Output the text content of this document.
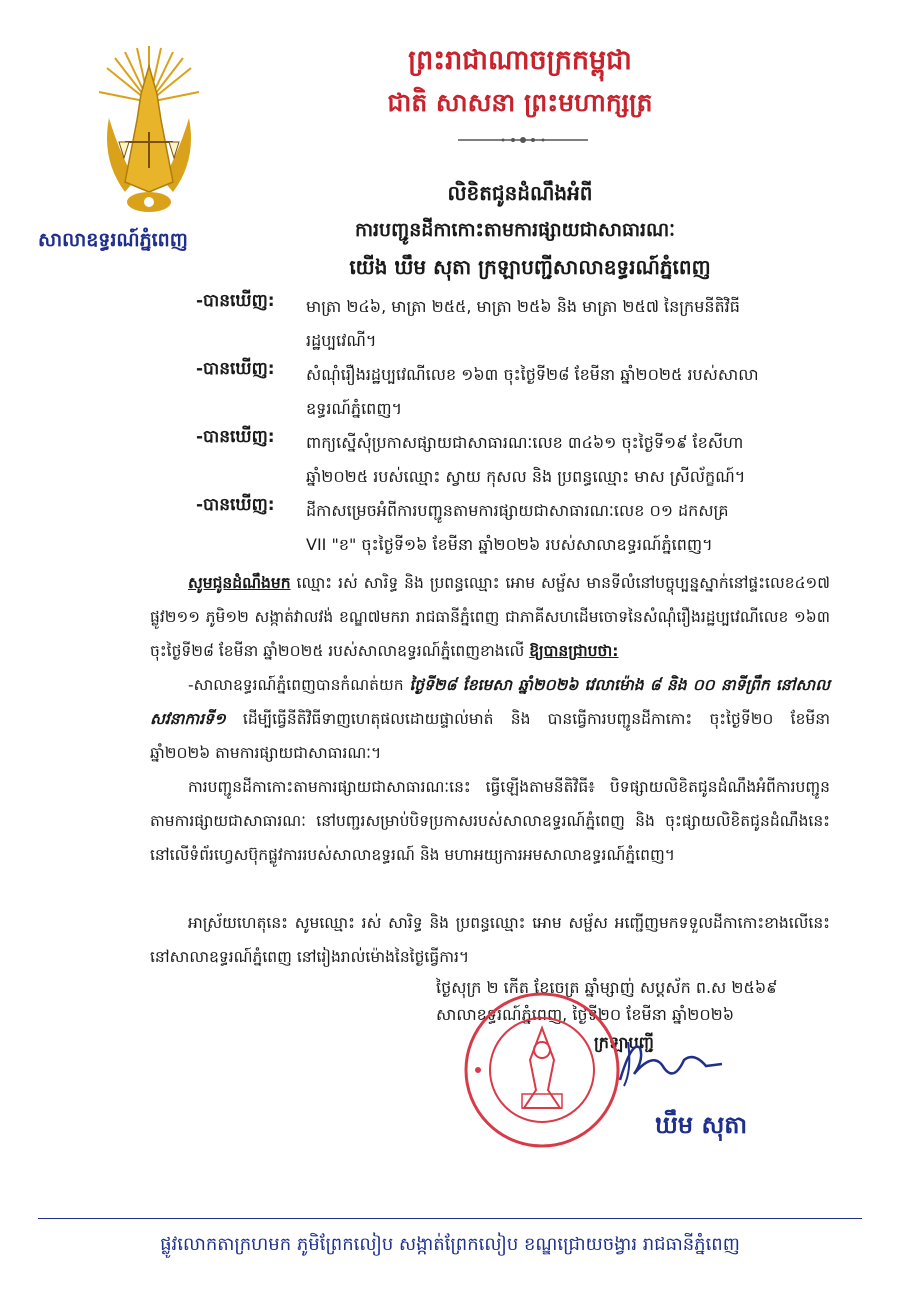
សាលាឧទ្ធរណ៍ភ្នំពេញ
ព្រះរាជាណាចក្រកម្ពុជា
ជាតិ សាសនា ព្រះមហាក្សត្រ
លិខិតជូនដំណឹងអំពី
ការបញ្ជូនដីកាកោះតាមការផ្សាយជាសាធារណៈ
យើង ឃឹម សុតា ក្រឡាបញ្ជីសាលាឧទ្ធរណ៍ភ្នំពេញ
-បានឃើញ:	មាត្រា ២៤៦, មាត្រា ២៥៥, មាត្រា ២៥៦ និង មាត្រា ២៥៧ នៃក្រមនីតិវិធី
រដ្ឋប្បវេណី។
-បានឃើញ:	សំណុំរឿងរដ្ឋប្បវេណីលេខ ១៦៣ ចុះថ្ងៃទី២៨ ខែមីនា ឆ្នាំ២០២៥ របស់សាលា
ឧទ្ធរណ៍ភ្នំពេញ។
-បានឃើញ:	ពាក្យស្នើសុំប្រកាសផ្សាយជាសាធារណៈលេខ ៣៤៦១ ចុះថ្ងៃទី១៩ ខែសីហា
ឆ្នាំ២០២៥ របស់ឈ្មោះ ស្វាយ កុសល និង ប្រពន្ធឈ្មោះ មាស ស្រីល័ក្ខណ៍។
-បានឃើញ:	ដីកាសម្រេចអំពីការបញ្ជូនតាមការផ្សាយជាសាធារណៈលេខ ០១ ដកសគ្រ
VII "ខ" ចុះថ្ងៃទី១៦ ខែមីនា ឆ្នាំ២០២៦ របស់សាលាឧទ្ធរណ៍ភ្នំពេញ។
សូមជូនដំណឹងមក ឈ្មោះ រស់ សារិទ្ធ និង ប្រពន្ធឈ្មោះ អោម សម្ផ័ស មានទីលំនៅបច្ចុប្បន្នស្នាក់នៅផ្ទះលេខ៤១៧ ផ្លូវ២១១ ភូមិ១២ សង្កាត់វាលវង់ ខណ្ឌ៧មករា រាជធានីភ្នំពេញ ជាភាគីសហដើមចោទនៃសំណុំរឿងរដ្ឋប្បវេណីលេខ ១៦៣ ចុះថ្ងៃទី២៨ ខែមីនា ឆ្នាំ២០២៥ របស់សាលាឧទ្ធរណ៍ភ្នំពេញខាងលើ ឱ្យបានជ្រាបថា:
-សាលាឧទ្ធរណ៍ភ្នំពេញបានកំណត់យក ថ្ងៃទី២៨ ខែមេសា ឆ្នាំ២០២៦ វេលាម៉ោង ៨ និង ០០ នាទីព្រឹក នៅសាលសវនាការទី១ ដើម្បីធ្វើនីតិវិធីទាញហេតុផលដោយផ្ទាល់មាត់ និង បានធ្វើការបញ្ជូនដីកាកោះ ចុះថ្ងៃទី២០ ខែមីនា ឆ្នាំ២០២៦ តាមការផ្សាយជាសាធារណៈ។
ការបញ្ជូនដីកាកោះតាមការផ្សាយជាសាធារណៈនេះ ធ្វើឡើងតាមនីតិវិធី៖ បិទផ្សាយលិខិតជូនដំណឹងអំពីការបញ្ជូនតាមការផ្សាយជាសាធារណៈ នៅបញ្ជរសម្រាប់បិទប្រកាសរបស់សាលាឧទ្ធរណ៍ភ្នំពេញ និង ចុះផ្សាយលិខិតជូនដំណឹងនេះ នៅលើទំព័រហ្វេសប៊ុកផ្លូវការរបស់សាលាឧទ្ធរណ៍ និង មហាអយ្យការអមសាលាឧទ្ធរណ៍ភ្នំពេញ។
អាស្រ័យហេតុនេះ សូមឈ្មោះ រស់ សារិទ្ធ និង ប្រពន្ធឈ្មោះ អោម សម្ផ័ស អញ្ជើញមកទទួលដីកាកោះខាងលើនេះ នៅសាលាឧទ្ធរណ៍ភ្នំពេញ នៅរៀងរាល់ម៉ោងនៃថ្ងៃធ្វើការ។
ថ្ងៃសុក្រ ២ កើត ខែចេត្រ ឆ្នាំម្សាញ់ សប្តស័ក ព.ស ២៥៦៩
សាលាឧទ្ធរណ៍ភ្នំពេញ, ថ្ងៃទី២០ ខែមីនា ឆ្នាំ២០២៦
ក្រឡាបញ្ជី
ឃឹម សុតា
ផ្លូវលោកតាក្រហមក ភូមិព្រែកលៀប សង្កាត់ព្រែកលៀប ខណ្ឌជ្រោយចង្វារ រាជធានីភ្នំពេញ
